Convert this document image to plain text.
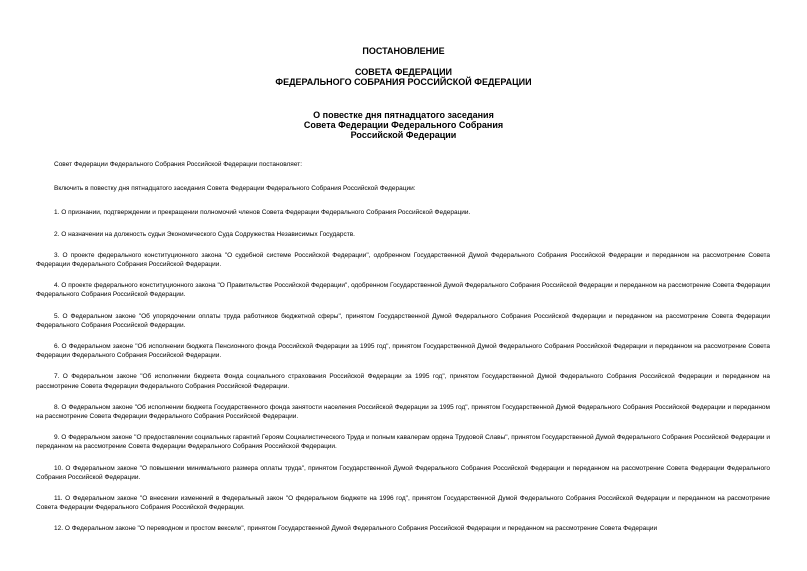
ПОСТАНОВЛЕНИЕ
СОВЕТА ФЕДЕРАЦИИ
ФЕДЕРАЛЬНОГО СОБРАНИЯ РОССИЙСКОЙ ФЕДЕРАЦИИ
О повестке дня пятнадцатого заседания
Совета Федерации Федерального Собрания
Российской Федерации

Совет Федерации Федерального Собрания Российской Федерации постановляет:

Включить в повестку дня пятнадцатого заседания Совета Федерации Федерального Собрания Российской Федерации:

1. О признании, подтверждении и прекращении полномочий членов Совета Федерации Федерального Собрания Российской Федерации.

2. О назначении на должность судьи Экономического Суда Содружества Независимых Государств.

3. О проекте федерального конституционного закона "О судебной системе Российской Федерации", одобренном Государственной Думой Федерального Собрания Российской Федерации и переданном на рассмотрение Совета Федерации Федерального Собрания Российской Федерации.

4. О проекте федерального конституционного закона "О Правительстве Российской Федерации", одобренном Государственной Думой Федерального Собрания Российской Федерации и переданном на рассмотрение Совета Федерации Федерального Собрания Российской Федерации.

5. О Федеральном законе "Об упорядочении оплаты труда работников бюджетной сферы", принятом Государственной Думой Федерального Собрания Российской Федерации и переданном на рассмотрение Совета Федерации Федерального Собрания Российской Федерации.

6. О Федеральном законе "Об исполнении бюджета Пенсионного фонда Российской Федерации за 1995 год", принятом Государственной Думой Федерального Собрания Российской Федерации и переданном на рассмотрение Совета Федерации Федерального Собрания Российской Федерации.

7. О Федеральном законе "Об исполнении бюджета Фонда социального страхования Российской Федерации за 1995 год", принятом Государственной Думой Федерального Собрания Российской Федерации и переданном на рассмотрение Совета Федерации Федерального Собрания Российской Федерации.

8. О Федеральном законе "Об исполнении бюджета Государственного фонда занятости населения Российской Федерации за 1995 год", принятом Государственной Думой Федерального Собрания Российской Федерации и переданном на рассмотрение Совета Федерации Федерального Собрания Российской Федерации.

9. О Федеральном законе "О предоставлении социальных гарантий Героям Социалистического Труда и полным кавалерам ордена Трудовой Славы", принятом Государственной Думой Федерального Собрания Российской Федерации и переданном на рассмотрение Совета Федерации Федерального Собрания Российской Федерации.

10. О Федеральном законе "О повышении минимального размера оплаты труда", принятом Государственной Думой Федерального Собрания Российской Федерации и переданном на рассмотрение Совета Федерации Федерального Собрания Российской Федерации.

11. О Федеральном законе "О внесении изменений в Федеральный закон "О федеральном бюджете на 1996 год", принятом Государственной Думой Федерального Собрания Российской Федерации и переданном на рассмотрение Совета Федерации Федерального Собрания Российской Федерации.

12. О Федеральном законе "О переводном и простом векселе", принятом Государственной Думой Федерального Собрания Российской Федерации и переданном на рассмотрение Совета Федерации
